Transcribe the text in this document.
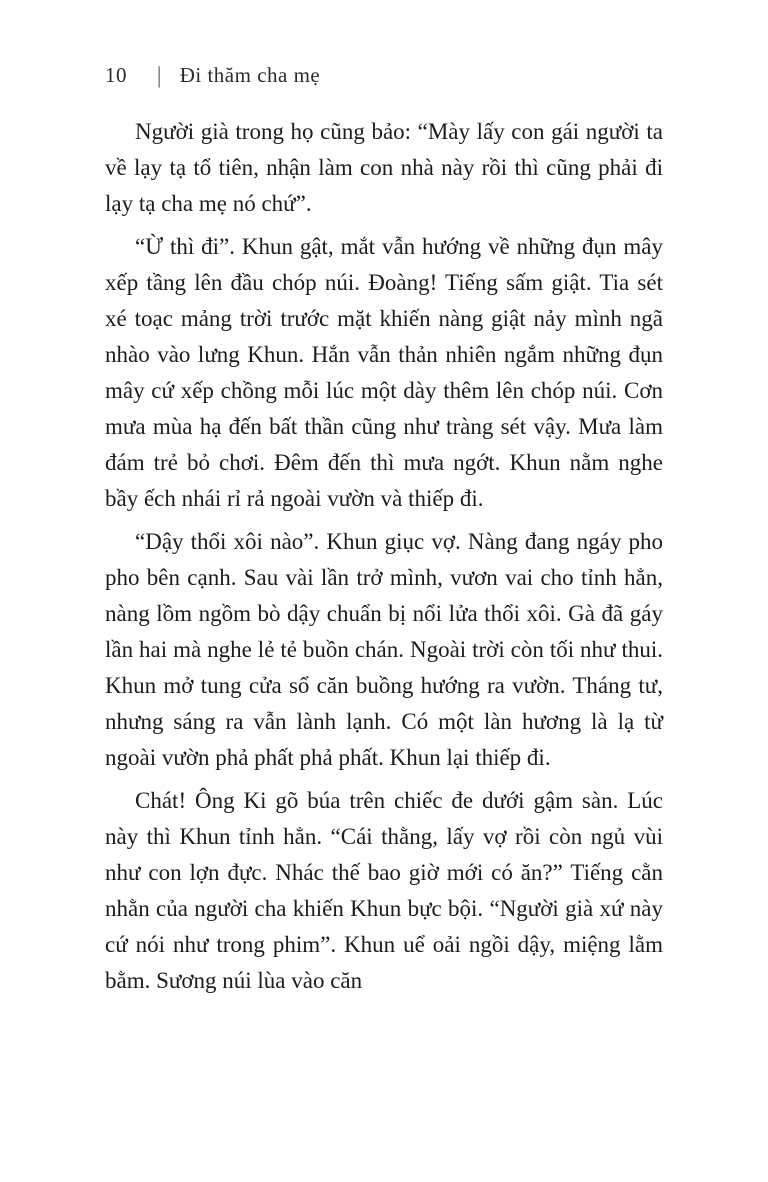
10 | Đi thăm cha mẹ

Người già trong họ cũng bảo: “Mày lấy con gái người ta về lạy tạ tổ tiên, nhận làm con nhà này rồi thì cũng phải đi lạy tạ cha mẹ nó chứ”.

“Ừ thì đi”. Khun gật, mắt vẫn hướng về những đụn mây xếp tầng lên đầu chóp núi. Đoàng! Tiếng sấm giật. Tia sét xé toạc mảng trời trước mặt khiến nàng giật nảy mình ngã nhào vào lưng Khun. Hắn vẫn thản nhiên ngắm những đụn mây cứ xếp chồng mỗi lúc một dày thêm lên chóp núi. Cơn mưa mùa hạ đến bất thần cũng như tràng sét vậy. Mưa làm đám trẻ bỏ chơi. Đêm đến thì mưa ngớt. Khun nằm nghe bầy ếch nhái rỉ rả ngoài vườn và thiếp đi.

“Dậy thổi xôi nào”. Khun giục vợ. Nàng đang ngáy pho pho bên cạnh. Sau vài lần trở mình, vươn vai cho tỉnh hẳn, nàng lồm ngồm bò dậy chuẩn bị nổi lửa thổi xôi. Gà đã gáy lần hai mà nghe lẻ tẻ buồn chán. Ngoài trời còn tối như thui. Khun mở tung cửa sổ căn buồng hướng ra vườn. Tháng tư, nhưng sáng ra vẫn lành lạnh. Có một làn hương là lạ từ ngoài vườn phả phất phả phất. Khun lại thiếp đi.

Chát! Ông Ki gõ búa trên chiếc đe dưới gậm sàn. Lúc này thì Khun tỉnh hẳn. “Cái thằng, lấy vợ rồi còn ngủ vùi như con lợn đực. Nhác thế bao giờ mới có ăn?” Tiếng cằn nhằn của người cha khiến Khun bực bội. “Người già xứ này cứ nói như trong phim”. Khun uể oải ngồi dậy, miệng lằm bằm. Sương núi lùa vào căn
